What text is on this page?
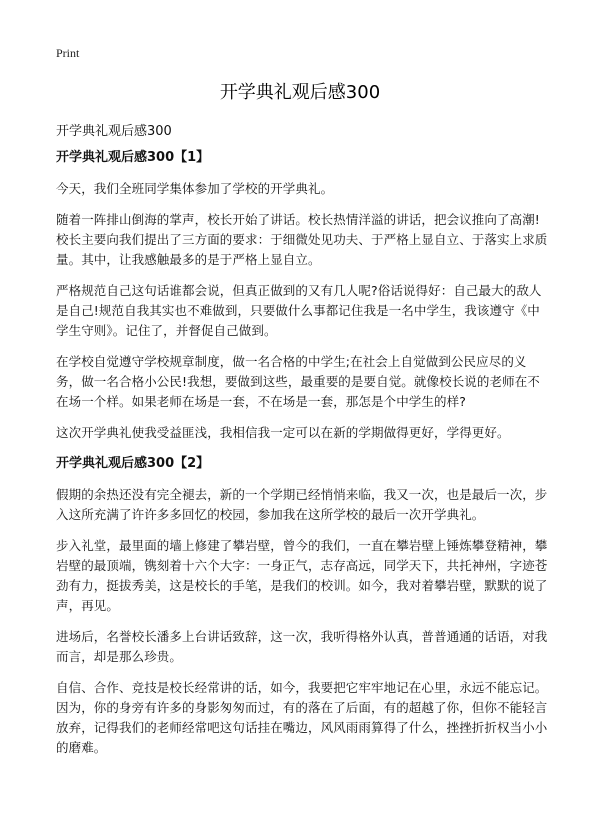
Print
开学典礼观后感300
开学典礼观后感300
开学典礼观后感300【1】

今天，我们全班同学集体参加了学校的开学典礼。

随着一阵排山倒海的掌声，校长开始了讲话。校长热情洋溢的讲话，把会议推向了高潮!校长主要向我们提出了三方面的要求：于细微处见功夫、于严格上显自立、于落实上求质量。其中，让我感触最多的是于严格上显自立。

严格规范自己这句话谁都会说，但真正做到的又有几人呢?俗话说得好：自己最大的敌人是自己!规范自我其实也不难做到，只要做什么事都记住我是一名中学生，我该遵守《中学生守则》。记住了，并督促自己做到。

在学校自觉遵守学校规章制度，做一名合格的中学生;在社会上自觉做到公民应尽的义务，做一名合格小公民!我想，要做到这些，最重要的是要自觉。就像校长说的老师在不在场一个样。如果老师在场是一套，不在场是一套，那怎是个中学生的样?

这次开学典礼使我受益匪浅，我相信我一定可以在新的学期做得更好，学得更好。

开学典礼观后感300【2】

假期的余热还没有完全褪去，新的一个学期已经悄悄来临，我又一次，也是最后一次，步入这所充满了许许多多回忆的校园，参加我在这所学校的最后一次开学典礼。

步入礼堂，最里面的墙上修建了攀岩壁，曾今的我们，一直在攀岩壁上锤炼攀登精神，攀岩壁的最顶端，镌刻着十六个大字：一身正气，志存高远，同学天下，共托神州，字迹苍劲有力，挺拔秀美，这是校长的手笔，是我们的校训。如今，我对着攀岩壁，默默的说了声，再见。

进场后，名誉校长潘多上台讲话致辞，这一次，我听得格外认真，普普通通的话语，对我而言，却是那么珍贵。

自信、合作、竞技是校长经常讲的话，如今，我要把它牢牢地记在心里，永远不能忘记。因为，你的身旁有许多的身影匆匆而过，有的落在了后面，有的超越了你，但你不能轻言放弃，记得我们的老师经常吧这句话挂在嘴边，风风雨雨算得了什么，挫挫折折权当小小的磨难。
